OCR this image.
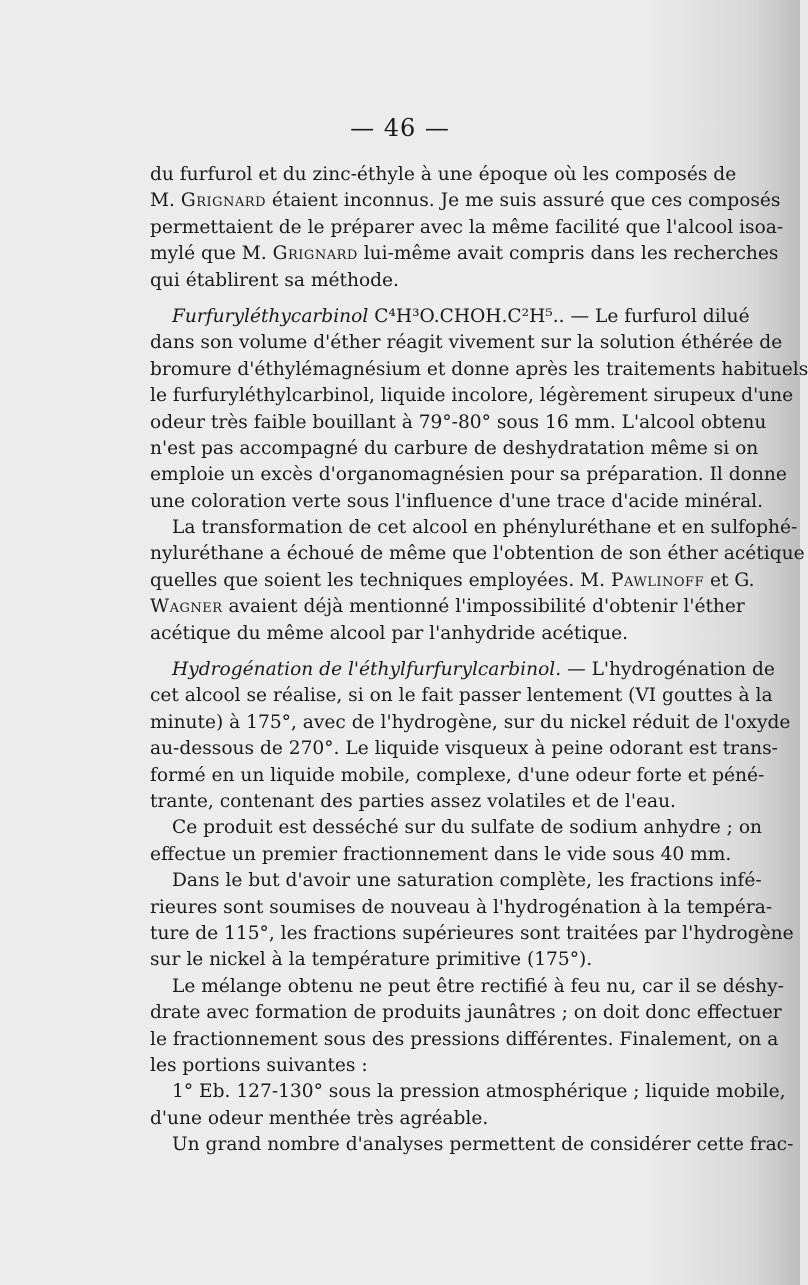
— 46 —
du furfurol et du zinc-éthyle à une époque où les composés de
M. Grignard étaient inconnus. Je me suis assuré que ces composés
permettaient de le préparer avec la même facilité que l'alcool isoa-
mylé que M. Grignard lui-même avait compris dans les recherches
qui établirent sa méthode.
Furfuryléthycarbinol C⁴H³O.CHOH.C²H⁵.. — Le furfurol dilué
dans son volume d'éther réagit vivement sur la solution éthérée de
bromure d'éthylémagnésium et donne après les traitements habituels
le furfuryléthylcarbinol, liquide incolore, légèrement sirupeux d'une
odeur très faible bouillant à 79°-80° sous 16 mm. L'alcool obtenu
n'est pas accompagné du carbure de deshydratation même si on
emploie un excès d'organomagnésien pour sa préparation. Il donne
une coloration verte sous l'influence d'une trace d'acide minéral.
La transformation de cet alcool en phényluréthane et en sulfophé-
nyluréthane a échoué de même que l'obtention de son éther acétique
quelles que soient les techniques employées. M. Pawlinoff et G.
Wagner avaient déjà mentionné l'impossibilité d'obtenir l'éther
acétique du même alcool par l'anhydride acétique.
Hydrogénation de l'éthylfurfurylcarbinol. — L'hydrogénation de
cet alcool se réalise, si on le fait passer lentement (VI gouttes à la
minute) à 175°, avec de l'hydrogène, sur du nickel réduit de l'oxyde
au-dessous de 270°. Le liquide visqueux à peine odorant est trans-
formé en un liquide mobile, complexe, d'une odeur forte et péné-
trante, contenant des parties assez volatiles et de l'eau.
Ce produit est desséché sur du sulfate de sodium anhydre ; on
effectue un premier fractionnement dans le vide sous 40 mm.
Dans le but d'avoir une saturation complète, les fractions infé-
rieures sont soumises de nouveau à l'hydrogénation à la tempéra-
ture de 115°, les fractions supérieures sont traitées par l'hydrogène
sur le nickel à la température primitive (175°).
Le mélange obtenu ne peut être rectifié à feu nu, car il se déshy-
drate avec formation de produits jaunâtres ; on doit donc effectuer
le fractionnement sous des pressions différentes. Finalement, on a
les portions suivantes :
1° Eb. 127-130° sous la pression atmosphérique ; liquide mobile,
d'une odeur menthée très agréable.
Un grand nombre d'analyses permettent de considérer cette frac-
